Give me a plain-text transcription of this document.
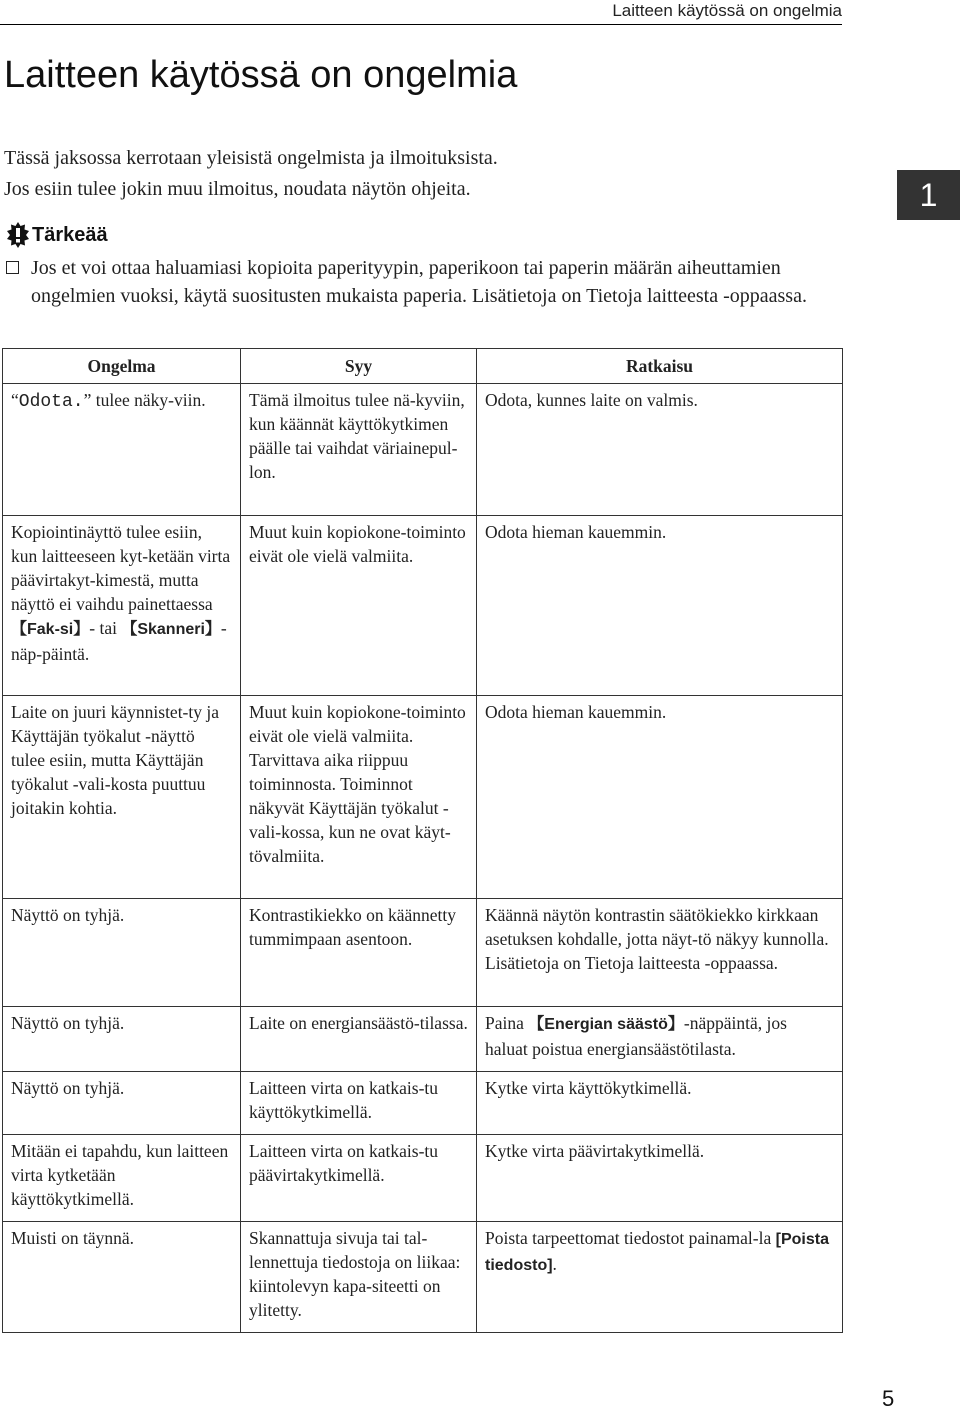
Laitteen käytössä on ongelmia
Laitteen käytössä on ongelmia

Tässä jaksossa kerrotaan yleisistä ongelmista ja ilmoituksista.

Jos esiin tulee jokin muu ilmoitus, noudata näytön ohjeita.	1
Tärkeää

Jos et voi ottaa haluamiasi kopioita paperityypin, paperikoon tai paperin määrän aiheuttamien ongelmien vuoksi, käytä suositusten mukaista paperia. Lisätietoja on Tietoja laitteesta -oppaassa.

Ongelma	Syy	Ratkaisu
“Odota.” tulee näky-viin.	Tämä ilmoitus tulee nä-kyviin, kun käännät käyttökytkimen päälle tai vaihdat väriainepul-lon.	Odota, kunnes laite on valmis.
Kopiointinäyttö tulee esiin, kun laitteeseen kyt-ketään virta päävirtakyt-kimestä, mutta näyttö ei vaihdu painettaessa 【Fak-si】- tai 【Skanneri】-näp-päintä.	Muut kuin kopiokone-toiminto eivät ole vielä valmiita.	Odota hieman kauemmin.
Laite on juuri käynnistet-ty ja Käyttäjän työkalut -näyttö tulee esiin, mutta Käyttäjän työkalut -vali-kosta puuttuu joitakin kohtia.	Muut kuin kopiokone-toiminto eivät ole vielä valmiita. Tarvittava aika riippuu toiminnosta. Toiminnot näkyvät Käyttäjän työkalut -vali-kossa, kun ne ovat käyt-tövalmiita.	Odota hieman kauemmin.
Näyttö on tyhjä.	Kontrastikiekko on käännetty tummimpaan asentoon.	Käännä näytön kontrastin säätökiekko kirkkaan asetuksen kohdalle, jotta näyt-tö näkyy kunnolla. Lisätietoja on Tietoja laitteesta -oppaassa.
Näyttö on tyhjä.	Laite on energiansäästö-tilassa.	Paina 【Energian säästö】-näppäintä, jos haluat poistua energiansäästötilasta.
Näyttö on tyhjä.	Laitteen virta on katkais-tu käyttökytkimellä.	Kytke virta käyttökytkimellä.
Mitään ei tapahdu, kun laitteen virta kytketään käyttökytkimellä.	Laitteen virta on katkais-tu päävirtakytkimellä.	Kytke virta päävirtakytkimellä.
Muisti on täynnä.	Skannattuja sivuja tai tal-lennettuja tiedostoja on liikaa: kiintolevyn kapa-siteetti on ylitetty.	Poista tarpeettomat tiedostot painamal-la [Poista tiedosto].
5
